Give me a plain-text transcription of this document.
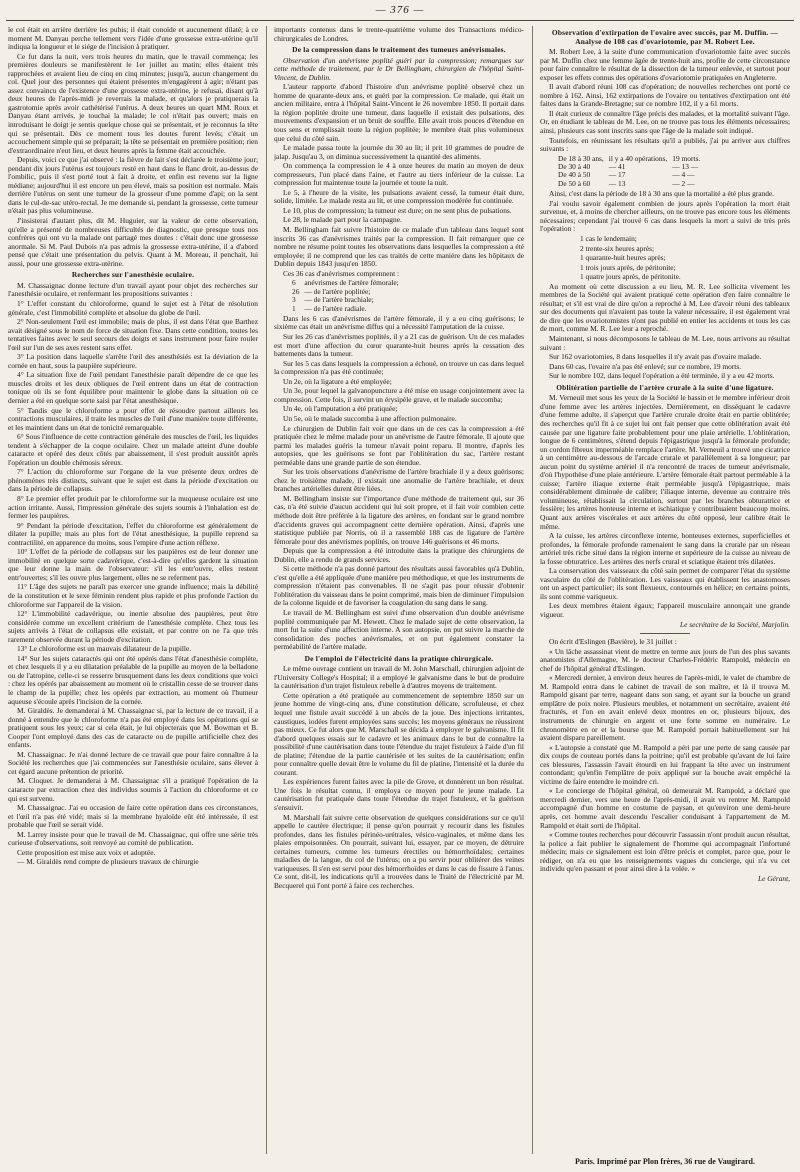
— 376 —

le col était en arrière derrière les pubis; il était conoïde et aucunement dilaté; à ce moment M. Danyau perche tellement vers l'idée d'une grossesse extra-utérine qu'il indiqua la longueur et le siége de l'incision à pratiquer.

Ce fut dans la nuit, vers trois heures du matin, que le travail commença; les premières douleurs se manifestèrent le 1er juillet au matin; elles étaient très rapprochées et avaient lieu de cinq en cinq minutes; jusqu'à, aucun changement du col. Quel jour des personnes qui étaient présentes m'engagèrent à agir; n'étant pas assez convaincu de l'existence d'une grossesse extra-utérine, je refusai, disant qu'à deux heures de l'après-midi je reverrais la malade, et qu'alors je pratiquerais la gastrotomie après avoir cathétérisé l'utérus. A deux heures un quart MM. Roux et Danyau étant arrivés, je touchai la malade; le col n'était pas ouvert; mais en introduisant le doigt je sentis quelque chose qui se présentait, et je reconnus la tête qui se présentait. Dès ce moment tous les doutes furent levés; c'était un accouchement simple qui se préparait; la tête se présentait en première position; rien d'extraordinaire n'eut lieu, et deux heures après la femme était accouchée.

Depuis, voici ce que j'ai observé : la fièvre de lait s'est déclarée le troisième jour; pendant dix jours l'utérus est toujours resté en haut dans le flanc droit, au-dessus de l'ombilic, puis il s'est porté tout à fait à droite, et enfin est revenu sur la ligne médiane; aujourd'hui il est encore un peu élevé, mais sa position est normale. Mais derrière l'utérus on sent une tumeur de la grosseur d'une pomme d'api; on la sent dans le cul-de-sac utéro-rectal. Je me demande si, pendant la grossesse, cette tumeur n'était pas plus volumineuse.

J'insisterai d'autant plus, dit M. Huguier, sur la valeur de cette observation, qu'elle a présenté de nombreuses difficultés de diagnostic, que presque tous nos confrères qui ont vu la malade ont partagé mes doutes : c'était donc une grossesse anormale. Si M. Paul Dubois n'a pas admis la grossesse extra-utérine, il a d'abord pensé que c'était une présentation du pelvis. Quant à M. Moreau, il penchait, lui aussi, pour une grossesse extra-utérine.

Recherches sur l'anesthésie oculaire.

M. Chassaignac donne lecture d'un travail ayant pour objet des recherches sur l'anesthésie oculaire, et renfermant les propositions suivantes :

1° L'effet constant du chloroforme, quand le sujet est à l'état de résolution générale, c'est l'immobilité complète et absolue du globe de l'œil.

2° Non-seulement l'œil est immobile; mais de plus, il est dans l'état que Barthez avait désigné sous le nom de force de situation fixe. Dans cette condition, toutes les tentatives faites avec le seul secours des doigts et sans instrument pour faire rouler l'œil sur l'un de ses axes restent sans effet.

3° La position dans laquelle s'arrête l'œil des anesthésiés est la déviation de la cornée en haut, sous la paupière supérieure.

4° La situation fixe de l'œil pendant l'anesthésie paraît dépendre de ce que les muscles droits et les deux obliques de l'œil entrent dans un état de contraction tonique où ils se font équilibre pour maintenir le globe dans la situation où ce dernier a été en quelque sorte saisi par l'état anesthésique.

5° Tandis que le chloroforme a pour effet de résoudre partout ailleurs les contractions musculaires, il traite les muscles de l'œil d'une manière toute différente, et les maintient dans un état de tonicité remarquable.

6° Sous l'influence de cette contraction générale des muscles de l'œil, les liquides tendent à s'échapper de la coque oculaire. Chez un malade atteint d'une double cataracte et opéré des deux côtés par abaissement, il s'est produit aussitôt après l'opération un double chémosis séreux.

7° L'action du chloroforme sur l'organe de la vue présente deux ordres de phénomènes très distincts, suivant que le sujet est dans la période d'excitation ou dans la période de collapsus.

8° Le premier effet produit par le chloroforme sur la muqueuse oculaire est une action irritante. Aussi, l'impression générale des sujets soumis à l'inhalation est de fermer les paupières.

9° Pendant la période d'excitation, l'effet du chloroforme est généralement de dilater la pupille; mais au plus fort de l'état anesthésique, la pupille reprend sa contractilité, en apparence du moins, sous l'empire d'une action réflexe.

10° L'effet de la période de collapsus sur les paupières est de leur donner une immobilité en quelque sorte cadavérique, c'est-à-dire qu'elles gardent la situation que leur donne la main de l'observateur: s'il les entr'ouvre, elles restent entr'ouvertes; s'il les ouvre plus largement, elles ne se referment pas.

11° L'âge des sujets ne paraît pas exercer une grande influence; mais la débilité de la constitution et le sexe féminin rendent plus rapide et plus profonde l'action du chloroforme sur l'appareil de la vision.

12° L'immobilité cadavérique, ou inertie absolue des paupières, peut être considérée comme un excellent critérium de l'anesthésie complète. Chez tous les sujets arrivés à l'état de collapsus elle existait, et par contre on ne l'a que très rarement observée durant la période d'excitation.

13° Le chloroforme est un mauvais dilatateur de la pupille.

14° Sur les sujets cataractés qui ont été opérés dans l'état d'anesthésie complète, et chez lesquels il y a eu dilatation préalable de la pupille au moyen de la belladone ou de l'atropine, celle-ci se resserre brusquement dans les deux conditions que voici : chez les opérés par abaissement au moment où le cristallin cesse de se trouver dans le champ de la pupille; chez les opérés par extraction, au moment où l'humeur aqueuse s'écoule après l'incision de la cornée.

M. Giraldès. Je demanderai à M. Chassaignac si, par la lecture de ce travail, il a donné à entendre que le chloroforme n'a pas été employé dans les opérations qui se pratiquent sous les yeux; car si cela était, je lui objecterais que M. Bowman et B. Cooper l'ont employé dans des cas de cataracte ou de pupille artificielle chez des enfants.

M. Chassaignac. Je n'ai donné lecture de ce travail que pour faire connaître à la Société les recherches que j'ai commencées sur l'anesthésie oculaire, sans élever à cet égard aucune prétention de priorité.

M. Cloquet. Je demanderai à M. Chassaignac s'il a pratiqué l'opération de la cataracte par extraction chez des individus soumis à l'action du chloroforme et ce qui est survenu.

M. Chassaignac. J'ai eu occasion de faire cette opération dans ces circonstances, et l'œil n'a pas été vidé; mais si la membrane hyaloïde eût été intéressée, il est probable que l'œil se serait vidé.

M. Larrey insiste pour que le travail de M. Chassaignac, qui offre une série très curieuse d'observations, soit renvoyé au comité de publication.

Cette proposition est mise aux voix et adoptée.

— M. Giraldès rend compte de plusieurs travaux de chirurgie

importants contenus dans le trente-quatrième volume des Transactions médico-chirurgicales de Londres.

De la compression dans le traitement des tumeurs anévrismales.

Observation d'un anévrisme poplité guéri par la compression; remarques sur cette méthode de traitement, par le Dr Bellingham, chirurgien de l'hôpital Saint-Vincent, de Dublin.

L'auteur rapporte d'abord l'histoire d'un anévrisme poplité observé chez un homme de quarante-deux ans, et guéri par la compression. Ce malade, qui était un ancien militaire, entra à l'hôpital Saint-Vincent le 26 novembre 1850. Il portait dans la région poplitée droite une tumeur, dans laquelle il existait des pulsations, des mouvements d'expansion et un bruit de souffle. Elle avait trois pouces d'étendue en tous sens et remplissait toute la région poplitée; le membre était plus volumineux que celui du côté sain.

Le malade passa toute la journée du 30 au lit; il prit 10 grammes de poudre de jalap. Jusqu'au 3, on diminua successivement la quantité des aliments.

On commença la compression le 4 à onze heures du matin au moyen de deux compresseurs, l'un placé dans l'aine, et l'autre au tiers inférieur de la cuisse. La compression fut maintenue toute la journée et toute la nuit.

Le 5, à l'heure de la visite, les pulsations avaient cessé, la tumeur était dure, solide, limitée. Le malade resta au lit, et une compression modérée fut continuée.

Le 10, plus de compression; la tumeur est dure; on ne sent plus de pulsations.

Le 28, le malade part pour la campagne.

M. Bellingham fait suivre l'histoire de ce malade d'un tableau dans lequel sont inscrits 36 cas d'anévrismes traités par la compression. Il fait remarquer que ce nombre ne résume point toutes les observations dans lesquelles la compression a été employée; il ne comprend que les cas traités de cette manière dans les hôpitaux de Dublin depuis 1843 jusqu'en 1850.

Ces 36 cas d'anévrismes comprennent :

6	anévrismes de l'artère fémorale;
26	— de l'artère poplitée;
3	— de l'artère brachiale;
1	— de l'artère radiale.

Dans les 6 cas d'anévrismes de l'artère fémorale, il y a eu cinq guérisons; le sixième cas était un anévrisme diffus qui a nécessité l'amputation de la cuisse.

Sur les 26 cas d'anévrismes poplités, il y a 21 cas de guérison. Un de ces malades est mort d'une affection du cœur quarante-huit heures après la cessation des battements dans la tumeur.

Sur les 5 cas dans lesquels la compression a échoué, on trouve un cas dans lequel la compression n'a pas été continuée;

Un 2e, où la ligature a été employée;

Un 3e, pour lequel la galvanopuncture a été mise en usage conjointement avec la compression. Cette fois, il survint un érysipèle grave, et le malade succomba;

Un 4e, où l'amputation a été pratiquée;

Un 5e, où le malade succomba à une affection pulmonaire.

Le chirurgien de Dublin fait voir que dans un de ces cas la compression a été pratiquée chez le même malade pour un anévrisme de l'autre fémorale. Il ajoute que parmi les malades guéris la tumeur n'avait point reparu. Il montre, d'après les autopsies, que les guérisons se font par l'oblitération du sac, l'artère restant perméable dans une grande partie de son étendue.

Sur les trois observations d'anévrisme de l'artère brachiale il y a deux guérisons; chez le troisième malade, il existait une anomalie de l'artère brachiale, et deux branches artérielles durent être liées.

M. Bellingham insiste sur l'importance d'une méthode de traitement qui, sur 36 cas, n'a été suivie d'aucun accident qui lui soit propre, et il fait voir combien cette méthode doit être préférée à la ligature des artères, en fondant sur le grand nombre d'accidents graves qui accompagnent cette dernière opération. Ainsi, d'après une statistique publiée par Norris, où il a rassemblé 188 cas de ligature de l'artère fémorale pour des anévrismes poplités, on trouve 146 guérisons et 46 morts.

Depuis que la compression a été introduite dans la pratique des chirurgiens de Dublin, elle a rendu de grands services.

Si cette méthode n'a pas donné partout des résultats aussi favorables qu'à Dublin, c'est qu'elle a été appliquée d'une manière peu méthodique, et que les instruments de compression n'étaient pas convenables. Il ne s'agit pas pour réussir d'obtenir l'oblitération du vaisseau dans le point comprimé, mais bien de diminuer l'impulsion de la colonne liquide et de favoriser la coagulation du sang dans le sang.

Le travail de M. Bellingham est suivi d'une observation d'un double anévrisme poplité communiquée par M. Hewett. Chez le malade sujet de cette observation, la mort fut la suite d'une affection interne. A son autopsie, on put suivre la marche de consolidation des poches anévrismales, et on put également constater la perméabilité de l'artère malade.

De l'emploi de l'électricité dans la pratique chirurgicale.

Le même ouvrage contient un travail de M. John Marschall, chirurgien adjoint de l'University College's Hospital; il a employé le galvanisme dans le but de produire la cautérisation d'un trajet fistuleux rebelle à d'autres moyens de traitement.

Cette opération a été pratiquée au commencement de septembre 1850 sur un jeune homme de vingt-cinq ans, d'une constitution délicate, scrofuleuse, et chez lequel une fistule avait succédé à un abcès de la joue. Des injections irritantes, caustiques, iodées furent employées sans succès; les moyens généraux ne réussirent pas mieux. Ce fut alors que M. Marschall se décida à employer le galvanisme. Il fit d'abord quelques essais sur le cadavre et les animaux dans le but de connaître la possibilité d'une cautérisation dans toute l'étendue du trajet fistuleux à l'aide d'un fil de platine; l'étendue de la partie cautérisée et les suites de la cautérisation; enfin pour connaître quelle devait être le volume du fil de platine, l'intensité et la durée du courant.

Les expériences furent faites avec la pile de Grove, et donnèrent un bon résultat. Une fois le résultat connu, il employa ce moyen pour le jeune malade. La cautérisation fut pratiquée dans toute l'étendue du trajet fistuleux, et la guérison s'ensuivit.

M. Marshall fait suivre cette observation de quelques considérations sur ce qu'il appelle le cautère électrique; il pense qu'on pourrait y recourir dans les fistules profondes, dans les fistules périnéo-urétrales, vésico-vaginales, et même dans les plaies empoisonnées. On pourrait, suivant lui, essayer, par ce moyen, de détruire certaines tumeurs, comme les tumeurs érectiles ou hémorrhoïdales; certaines maladies de la langue, du col de l'utérus; on a pu servir pour oblitérer des veines variqueuses. Il s'en est servi pour des hémorrhoïdes et dans le cas de fissure à l'anus. Ce sont, dit-il, les indications qu'il a trouvées dans le Traité de l'électricité par M. Becquerel qui l'ont porté à faire ces recherches.

Observation d'extirpation de l'ovaire avec succès, par M. Duffin. — Analyse de 108 cas d'ovariotomie, par M. Robert Lee.

M. Robert Lee, à la suite d'une communication d'ovariotomie faite avec succès par M. Duffin chez une femme âgée de trente-huit ans, profite de cette circonstance pour faire connaître le résultat de la dissection de la tumeur enlevée, et surtout pour exposer les effets connus des opérations d'ovariotomie pratiquées en Angleterre.

Il avait d'abord réuni 108 cas d'opération; de nouvelles recherches ont porté ce nombre à 162. Ainsi, 162 extirpations de l'ovaire ou tentatives d'extirpation ont été faites dans la Grande-Bretagne; sur ce nombre 102, il y a 61 morts.

Il était curieux de connaître l'âge précis des malades, et la mortalité suivant l'âge. Or, en étudiant le tableau de M. Lee, on ne trouve pas tous les éléments nécessaires; ainsi, plusieurs cas sont inscrits sans que l'âge de la malade soit indiqué.

Toutefois, en réunissant les résultats qu'il a publiés, j'ai pu arriver aux chiffres suivants :

De 18 à 30 ans,	il y a 40 opérations,	19 morts.
De 30 à 40	— 41	— 13 —
De 40 à 50	— 17	— 4 —
De 50 à 60	— 13	— 2 —

Ainsi, c'est dans la période de 18 à 30 ans que la mortalité a été plus grande.

J'ai voulu savoir également combien de jours après l'opération la mort était survenue, et, à moins de chercher ailleurs, on ne trouve pas encore tous les éléments nécessaires; cependant j'ai trouvé 6 cas dans lesquels la mort a suivi de très près l'opération :

1 cas le lendemain;

2 trente-six heures après;

1 quarante-huit heures après;

1 trois jours après, de péritonite;

1 quatre jours après, de péritonite.

Au moment où cette discussion a eu lieu, M. R. Lee sollicita vivement les membres de la Société qui avaient pratiqué cette opération d'en faire connaître le résultat; et s'il est vrai de dire qu'on a reproché à M. Lee d'avoir réuni des tableaux sur des documents qui n'avaient pas toute la valeur nécessaire, il est également vrai de dire que les ovariotomistes n'ont pas publié en entier les accidents et tous les cas de mort, comme M. R. Lee leur a reproché.

Maintenant, si nous décomposons le tableau de M. Lee, nous arrivons au résultat suivant :

Sur 162 ovariotomies, 8 dans lesquelles il n'y avait pas d'ovaire malade.

Dans 60 cas, l'ovaire n'a pas été enlevé; sur ce nombre, 19 morts.

Sur le nombre 102, dans lequel l'opération a été terminée, il y a eu 42 morts.

Oblitération partielle de l'artère crurale à la suite d'une ligature.

M. Verneuil met sous les yeux de la Société le bassin et le membre inférieur droit d'une femme avec les artères injectées. Dernièrement, en disséquant le cadavre d'une femme adulte, il s'aperçut que l'artère crurale droite était en partie oblitérée; des recherches qu'il fit à ce sujet lui ont fait penser que cette oblitération avait été causée par une ligature faite probablement pour une plaie artérielle. L'oblitération, longue de 6 centimètres, s'étend depuis l'épigastrique jusqu'à la fémorale profonde; un cordon fibreux imperméable remplace l'artère. M. Verneuil a trouvé une cicatrice à un centimètre au-dessous de l'arcade crurale et parallèlement à sa longueur; par aucun point du système artériel il n'a rencontré de traces de tumeur anévrismale, d'où l'hypothèse d'une plaie antérieure. L'artère fémorale était partout perméable à la cuisse; l'artère iliaque externe était perméable jusqu'à l'épigastrique, mais considérablement diminuée de calibre; l'iliaque interne, devenue au contraire très volumineuse, rétablissait la circulation, surtout par les branches obturatrice et fessière; les artères honteuse interne et ischiatique y contribuaient beaucoup moins. Quant aux artères viscérales et aux artères du côté opposé, leur calibre était le même.

A la cuisse, les artères circonflexe interne, honteuses externes, superficielles et profondes, la fémorale profonde ramenaient le sang dans la crurale par un réseau artériel très riche situé dans la région interne et supérieure de la cuisse au niveau de la fosse obturatrice. Les artères des nerfs crural et sciatique étaient très dilatées.

La conservation des vaisseaux du côté sain permet de comparer l'état du système vasculaire du côté de l'oblitération. Les vaisseaux qui établissent les anastomoses ont un aspect particulier; ils sont flexueux, contournés en hélice; en certains points, ils sont comme variqueux.

Les deux membres étaient égaux; l'appareil musculaire annonçait une grande vigueur.

Le secrétaire de la Société, Marjolin.

On écrit d'Eslingen (Bavière), le 31 juillet :

« Un lâche assassinat vient de mettre en terme aux jours de l'un des plus savants anatomistes d'Allemagne, M. le docteur Charles-Frédéric Rampold, médecin en chef de l'hôpital général d'Eslingen.

« Mercredi dernier, à environ deux heures de l'après-midi, le valet de chambre de M. Rampold entra dans le cabinet de travail de son maître, et là il trouva M. Rampold gisant par terre, nageant dans son sang, et ayant sur la bouche un grand emplâtre de poix noire. Plusieurs meubles, et notamment un secrétaire, avaient été fracturés, et l'on en avait enlevé deux montres en or, plusieurs bijoux, des instruments de chirurgie en argent et une forte somme en numéraire. Le chronomètre en or et la bourse que M. Rampold portait habituellement sur lui avaient disparu pareillement.

« L'autopsie a constaté que M. Rampold a péri par une perte de sang causée par dix coups de couteau portés dans la poitrine; qu'il est probable qu'avant de lui faire ces blessures, l'assassin l'avait étourdi en lui frappant la tête avec un instrument contondant; qu'enfin l'emplâtre de poix appliqué sur la bouche avait empêché la victime de faire entendre le moindre cri.

« Le concierge de l'hôpital général, où demeurait M. Rampold, a déclaré que mercredi dernier, vers une heure de l'après-midi, il avait vu rentrer M. Rampold accompagné d'un homme en costume de paysan, et qu'environ une demi-heure après, cet homme avait descendu l'escalier conduisant à l'appartement de M. Rampold et était sorti de l'hôpital.

« Comme toutes recherches pour découvrir l'assassin n'ont produit aucun résultat, la police a fait publier le signalement de l'homme qui accompagnait l'infortuné médecin; mais ce signalement est loin d'être précis et complet, parce que, pour le rédiger, on n'a eu que les renseignements vagues du concierge, qui n'a vu cet individu qu'en passant et pour ainsi dire à la volée. »

Le Gérant,

Paris. Imprimé par Plon frères, 36 rue de Vaugirard.
